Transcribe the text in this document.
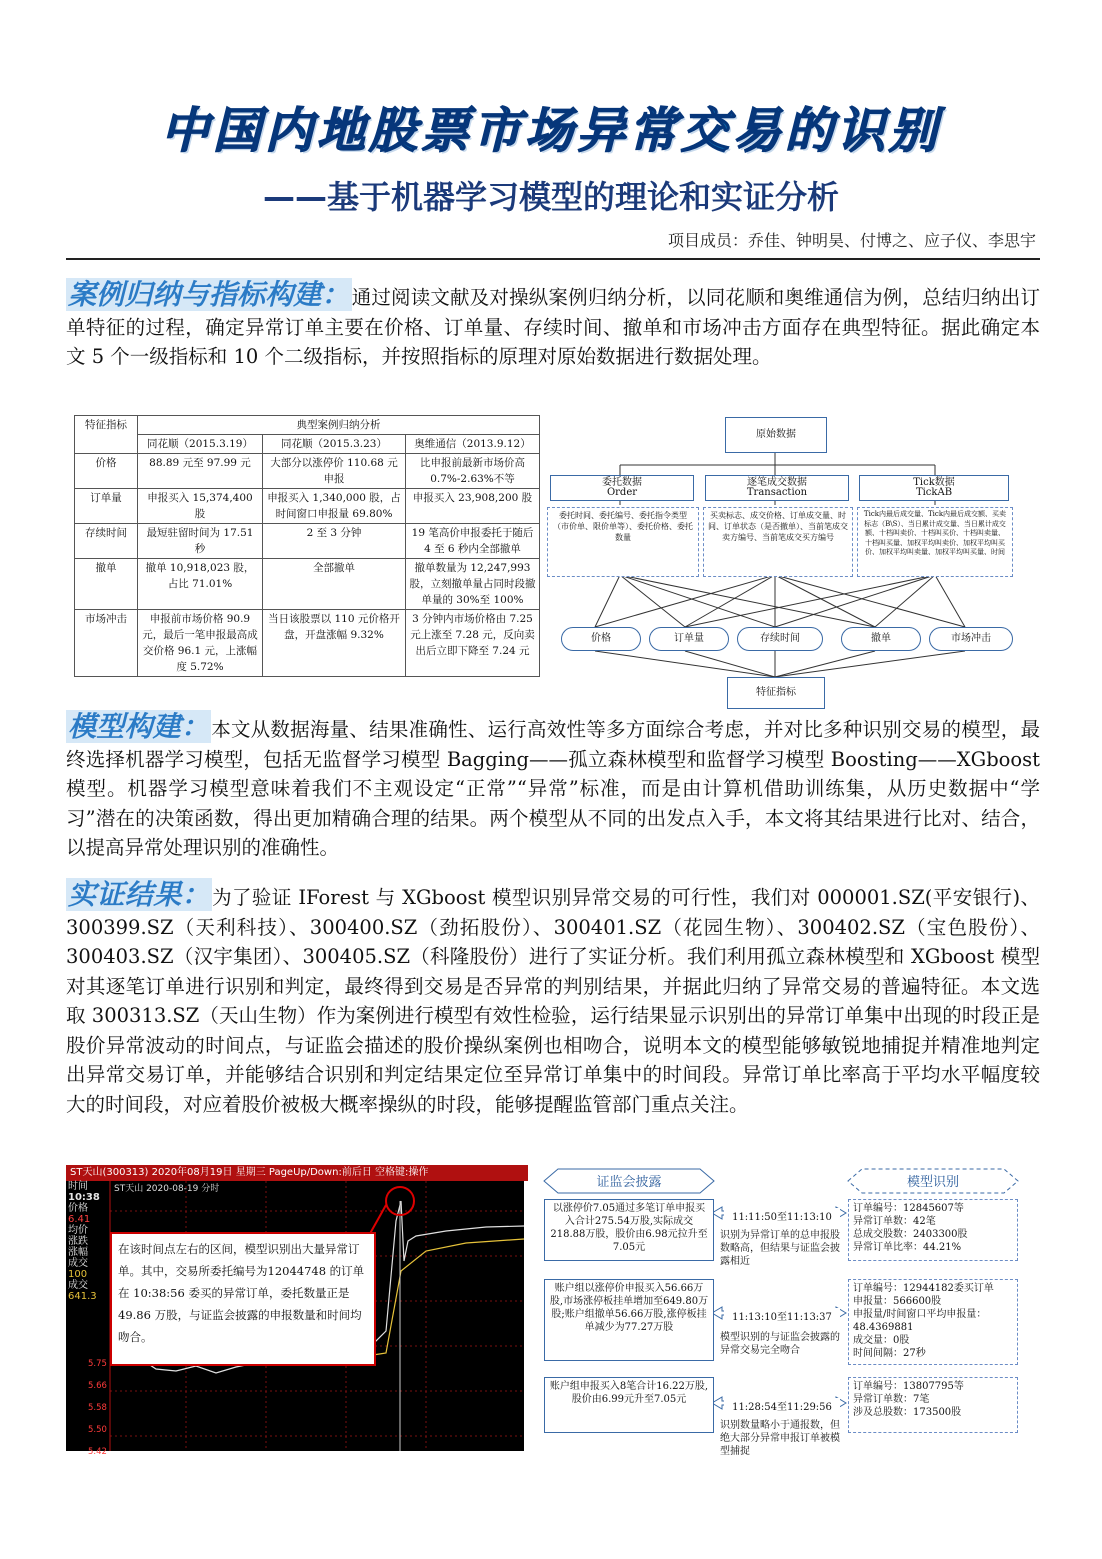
中国内地股票市场异常交易的识别
——基于机器学习模型的理论和实证分析
项目成员：乔佳、钟明昊、付博之、应子仪、李思宇
案例归纳与指标构建： 通过阅读文献及对操纵案例归纳分析，以同花顺和奥维通信为例，总结归纳出订单特征的过程，确定异常订单主要在价格、订单量、存续时间、撤单和市场冲击方面存在典型特征。据此确定本文 5 个一级指标和 10 个二级指标，并按照指标的原理对原始数据进行数据处理。
特征指标	典型案例归纳分析		
	同花顺（2015.3.19）	同花顺（2015.3.23）	奥维通信（2013.9.12）
价格	88.89 元至 97.99 元	大部分以涨停价 110.68 元申报	比申报前最新市场价高 0.7%-2.63%不等
订单量	申报买入 15,374,400 股	申报买入 1,340,000 股，占时间窗口申报量 69.80%	申报买入 23,908,200 股
存续时间	最短驻留时间为 17.51 秒	2 至 3 分钟	19 笔高价申报委托于随后 4 至 6 秒内全部撤单
撤单	撤单 10,918,023 股，占比 71.01%	全部撤单	撤单数量为 12,247,993 股，立刻撤单量占同时段撤单量的 30%至 100%
市场冲击	申报前市场价格 90.9 元，最后一笔申报最高成交价格 96.1 元，上涨幅度 5.72%	当日该股票以 110 元价格开盘，开盘涨幅 9.32%	3 分钟内市场价格由 7.25 元上涨至 7.28 元，反向卖出后立即下降至 7.24 元
原始数据
委托数据
Order
逐笔成交数据
Transaction
Tick数据
TickAB
委托时间、委托编号、委托指令类型（市价单、限价单等）、委托价格、委托数量
买卖标志、成交价格、订单成交量、时间、订单状态（是否撤单）、当前笔成交卖方编号、当前笔成交买方编号
Tick内最后成交量、Tick内最后成交额、买卖标志（B\S）、当日累计成交量、当日累计成交额、十档叫卖价、十档叫买价、十档叫卖量、十档叫买量、加权平均叫卖价、加权平均叫买价、加权平均叫卖量、加权平均叫买量、时间
价格	订单量	存续时间	撤单	市场冲击
特征指标
模型构建： 本文从数据海量、结果准确性、运行高效性等多方面综合考虑，并对比多种识别交易的模型，最终选择机器学习模型，包括无监督学习模型 Bagging——孤立森林模型和监督学习模型 Boosting——XGboost 模型。机器学习模型意味着我们不主观设定“正常”“异常”标准，而是由计算机借助训练集，从历史数据中“学习”潜在的决策函数，得出更加精确合理的结果。两个模型从不同的出发点入手，本文将其结果进行比对、结合，以提高异常处理识别的准确性。
实证结果： 为了验证 IForest 与 XGboost 模型识别异常交易的可行性，我们对 000001.SZ(平安银行)、300399.SZ（天利科技）、300400.SZ（劲拓股份）、300401.SZ（花园生物）、300402.SZ（宝色股份）、300403.SZ（汉宇集团）、300405.SZ（科隆股份）进行了实证分析。我们利用孤立森林模型和 XGboost 模型对其逐笔订单进行识别和判定，最终得到交易是否异常的判别结果，并据此归纳了异常交易的普遍特征。本文选取 300313.SZ（天山生物）作为案例进行模型有效性检验，运行结果显示识别出的异常订单集中出现的时段正是股价异常波动的时间点，与证监会描述的股价操纵案例也相吻合，说明本文的模型能够敏锐地捕捉并精准地判定出异常交易订单，并能够结合识别和判定结果定位至异常订单集中的时间段。异常订单比率高于平均水平幅度较大的时间段，对应着股价被极大概率操纵的时段，能够提醒监管部门重点关注。
ST天山(300313) 2020年08月19日 星期三 PageUp/Down:前后日 空格键:操作
ST天山 2020-08-19 分时
时间
10:38
价格
6.41
均价
涨跌
涨幅
成交
100
成交
641.3
5.75
5.66
5.58
5.50
5.42
在该时间点左右的区间，模型识别出大量异常订单。其中，交易所委托编号为12044748 的订单在 10:38:56 委买的异常订单，委托数量正是 49.86 万股，与证监会披露的申报数量和时间均吻合。
证监会披露	模型识别
以涨停价7.05通过多笔订单申报买入合计275.54万股,实际成交218.88万股，股价由6.98元拉升至7.05元
11:11:50至11:13:10
识别为异常订单的总申报股数略高，但结果与证监会披露相近
订单编号：12845607等
异常订单数：42笔
总成交股数：2403300股
异常订单比率：44.21%
账户组以涨停价申报买入56.66万股,市场涨停板挂单增加至649.80万股;账户组撤单56.66万股,涨停板挂单减少为77.27万股
11:13:10至11:13:37
模型识别的与证监会披露的异常交易完全吻合
订单编号：12944182委买订单
申报量：566600股
申报量/时间窗口平均申报量：48.4369881
成交量：0股
时间间隔：27秒
账户组申报买入8笔合计16.22万股,股价由6.99元升至7.05元
11:28:54至11:29:56
识别数量略小于通报数，但绝大部分异常申报订单被模型捕捉
订单编号：13807795等
异常订单数：7笔
涉及总股数：173500股
